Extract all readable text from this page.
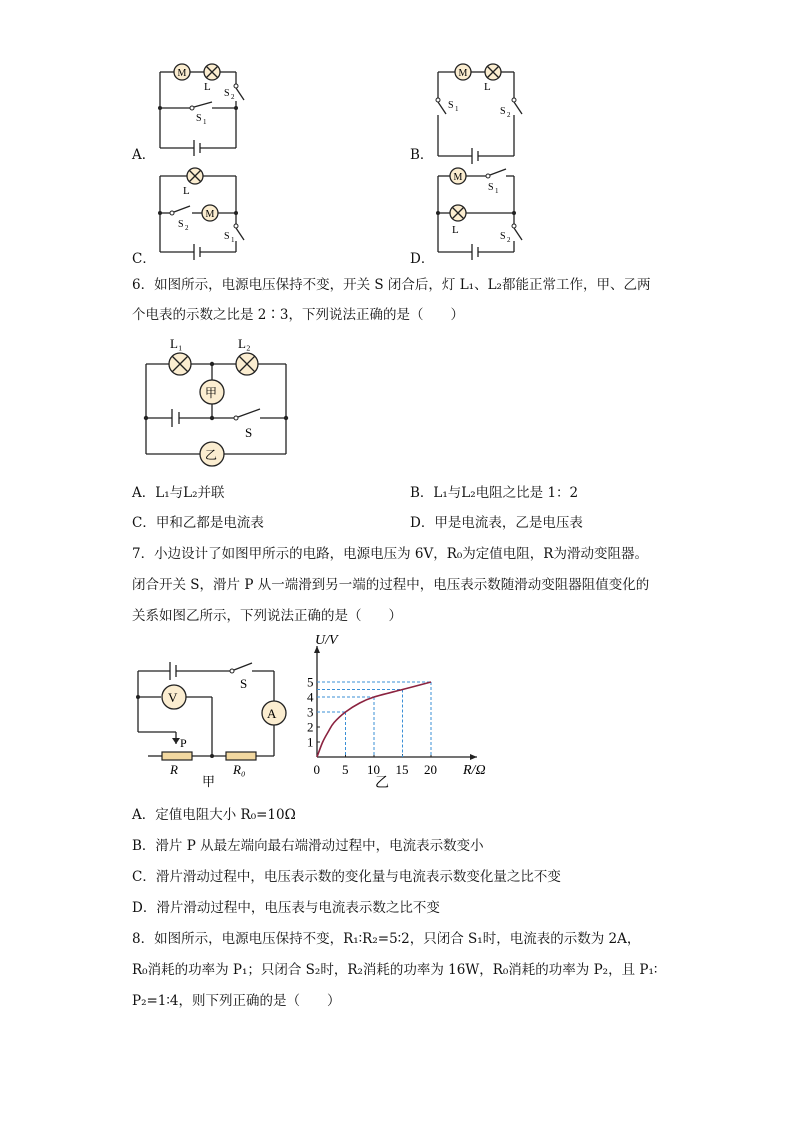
A．
M
L
S 2
S 1
B．
M
L
S 1	S 2
C．
L
M
S 2
S 1
D．
M
S 1
L
S 2
6．如图所示，电源电压保持不变，开关 S 闭合后，灯 L₁、L₂都能正常工作，甲、乙两
个电表的示数之比是 2∶3，下列说法正确的是（　　）
L₁	L₂
甲
S
乙
A．L₁与L₂并联	B．L₁与L₂电阻之比是 1：2
C．甲和乙都是电流表	D．甲是电流表，乙是电压表
7．小边设计了如图甲所示的电路，电源电压为 6V，R₀为定值电阻，R为滑动变阻器。
闭合开关 S，滑片 P 从一端滑到另一端的过程中，电压表示数随滑动变阻器阻值变化的
关系如图乙所示，下列说法正确的是（　　）
S
P
V
A
R	R₀
甲
U/V
R/Ω
乙
0 5 10 15 20
1
2
3
4
5
A．定值电阻大小 R₀=10Ω
B．滑片 P 从最左端向最右端滑动过程中，电流表示数变小
C．滑片滑动过程中，电压表示数的变化量与电流表示数变化量之比不变
D．滑片滑动过程中，电压表与电流表示数之比不变
8．如图所示，电源电压保持不变，R₁∶R₂=5∶2，只闭合 S₁时，电流表的示数为 2A，
R₀消耗的功率为 P₁；只闭合 S₂时，R₂消耗的功率为 16W，R₀消耗的功率为 P₂，且 P₁∶
P₂=1∶4，则下列正确的是（　　）
